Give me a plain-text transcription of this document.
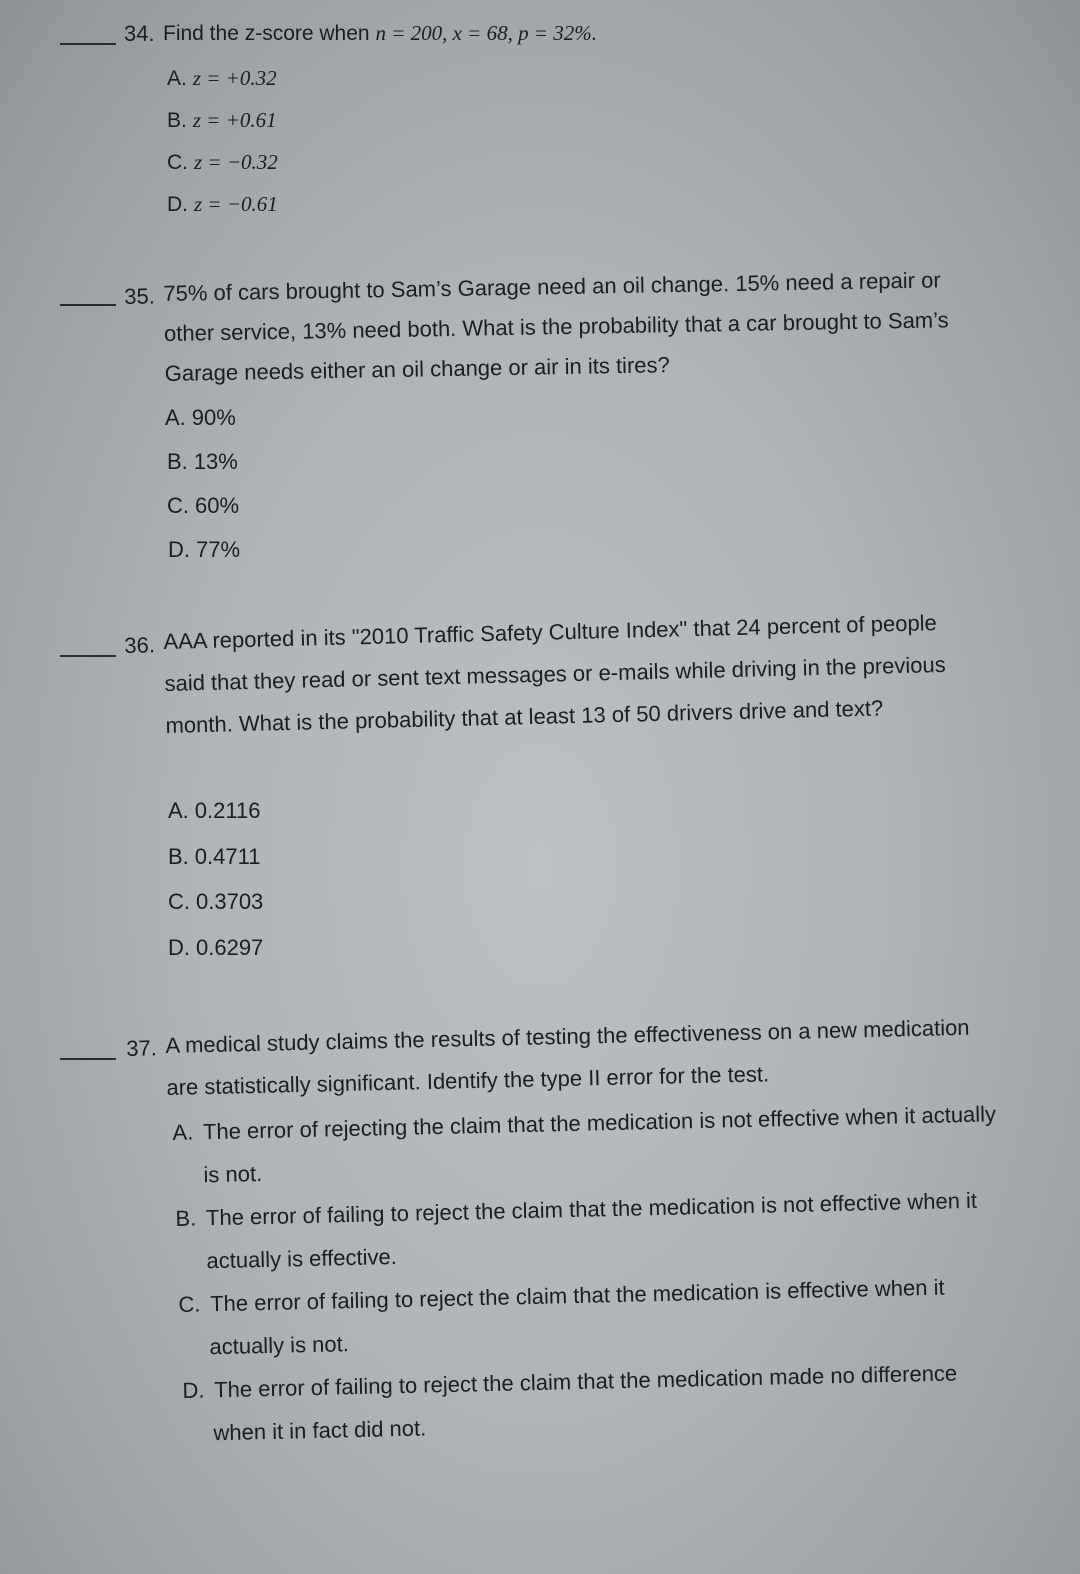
34. Find the z-score when n = 200, x = 68, p = 32%.
A. z = +0.32
B. z = +0.61
C. z = −0.32
D. z = −0.61
35. 75% of cars brought to Sam’s Garage need an oil change. 15% need a repair or other service, 13% need both. What is the probability that a car brought to Sam’s Garage needs either an oil change or air in its tires?
A. 90%
B. 13%
C. 60%
D. 77%
36. AAA reported in its "2010 Traffic Safety Culture Index" that 24 percent of people said that they read or sent text messages or e-mails while driving in the previous month. What is the probability that at least 13 of 50 drivers drive and text?
A. 0.2116
B. 0.4711
C. 0.3703
D. 0.6297
37. A medical study claims the results of testing the effectiveness on a new medication are statistically significant. Identify the type II error for the test.
A. The error of rejecting the claim that the medication is not effective when it actually is not.
B. The error of failing to reject the claim that the medication is not effective when it actually is effective.
C. The error of failing to reject the claim that the medication is effective when it actually is not.
D. The error of failing to reject the claim that the medication made no difference when it in fact did not.
